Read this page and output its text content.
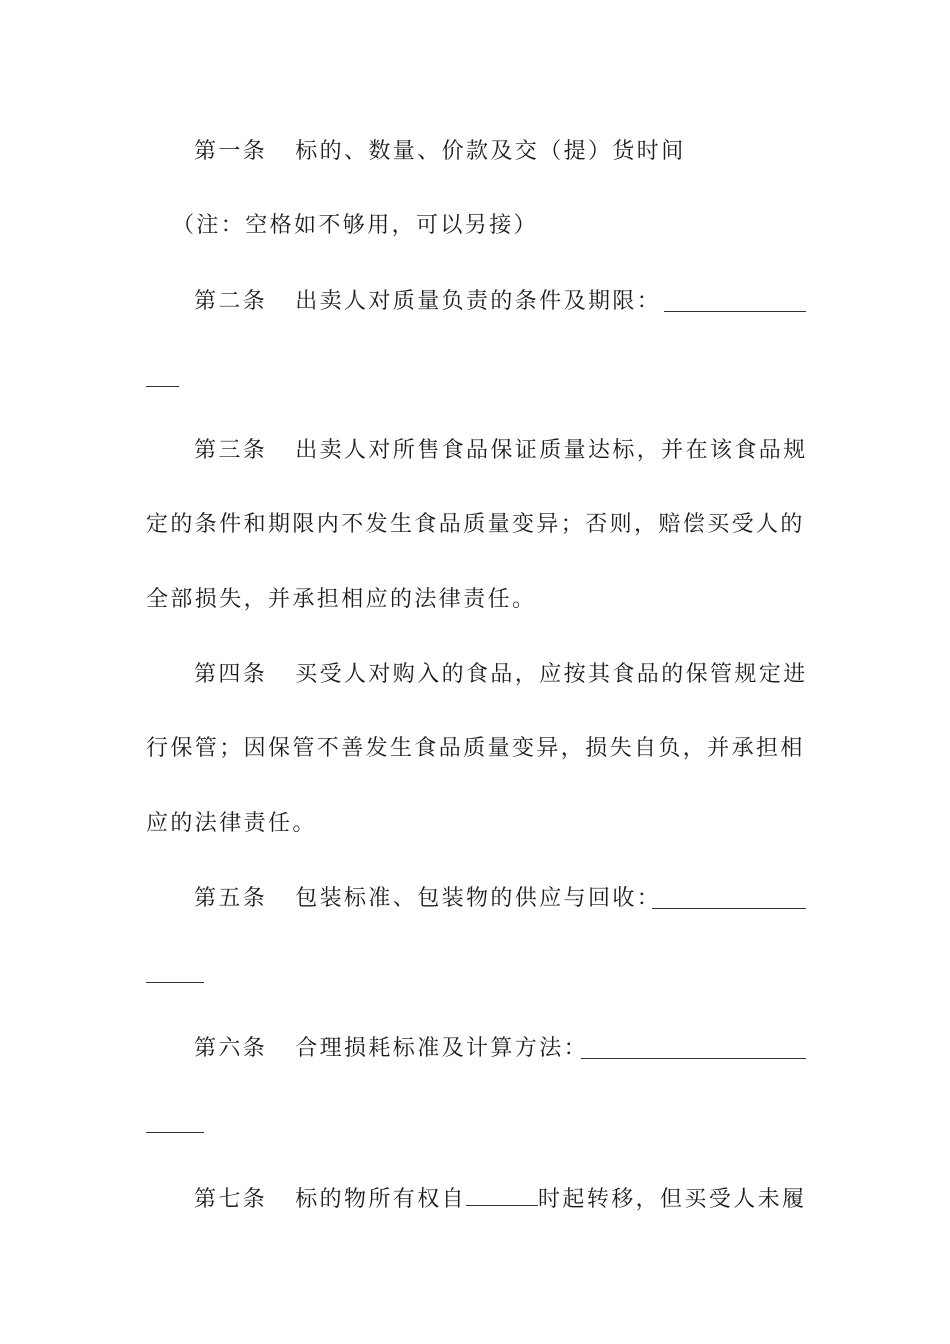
第一条 标的、数量、价款及交（提）货时间
（注：空格如不够用，可以另接）
第二条 出卖人对质量负责的条件及期限：
第三条 出卖人对所售食品保证质量达标，并在该食品规
定的条件和期限内不发生食品质量变异；否则，赔偿买受人的
全部损失，并承担相应的法律责任。
第四条 买受人对购入的食品，应按其食品的保管规定进
行保管；因保管不善发生食品质量变异，损失自负，并承担相
应的法律责任。
第五条 包装标准、包装物的供应与回收：
第六条 合理损耗标准及计算方法：
第七条 标的物所有权自	时起转移，但买受人未履
